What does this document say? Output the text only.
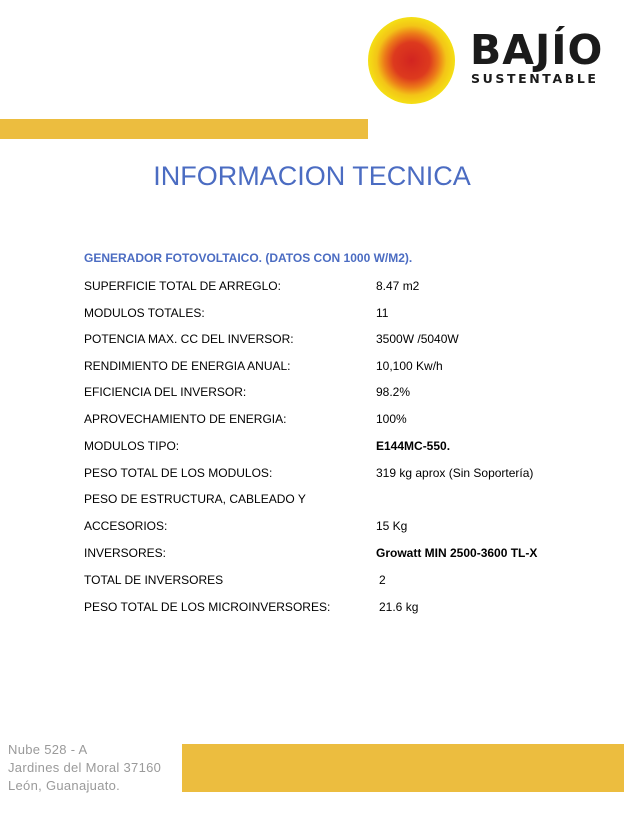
BAJÍO
SUSTENTABLE
INFORMACION TECNICA
GENERADOR FOTOVOLTAICO. (DATOS CON 1000 W/M2).
SUPERFICIE TOTAL DE ARREGLO:	8.47 m2
MODULOS TOTALES:	11
POTENCIA MAX. CC DEL INVERSOR:	3500W /5040W
RENDIMIENTO DE ENERGIA ANUAL:	10,100 Kw/h
EFICIENCIA DEL INVERSOR:	98.2%
APROVECHAMIENTO DE ENERGIA:	100%
MODULOS TIPO:	E144MC-550.
PESO TOTAL DE LOS MODULOS:	319 kg aprox (Sin Soportería)
PESO DE ESTRUCTURA, CABLEADO Y
ACCESORIOS:	15 Kg
INVERSORES:	Growatt MIN 2500-3600 TL-X
TOTAL DE INVERSORES	2
PESO TOTAL DE LOS MICROINVERSORES:	21.6 kg
Nube 528 - A
Jardines del Moral 37160
León, Guanajuato.
